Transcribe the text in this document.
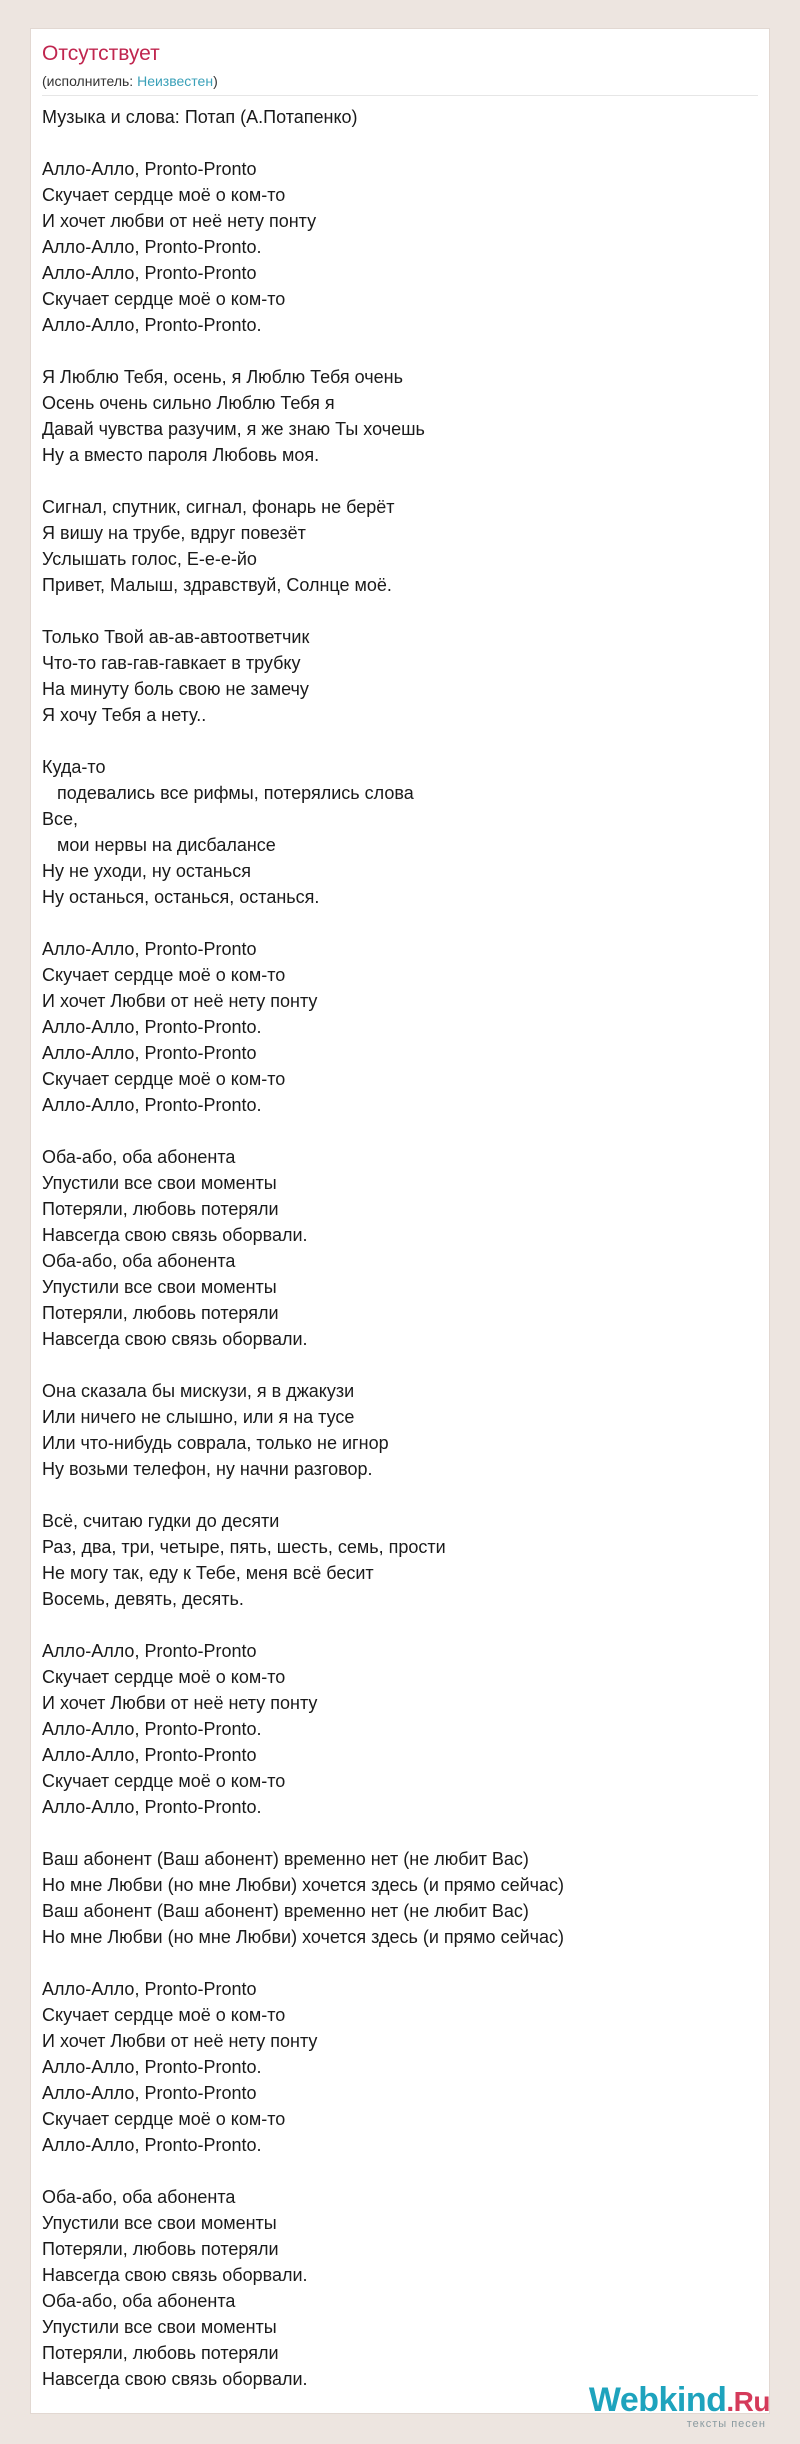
Отсутствует
(исполнитель: Неизвестен)
Музыка и слова: Потап (А.Потапенко)
Алло-Алло, Pronto-Pronto
Скучает сердце моё о ком-то
И хочет любви от неё нету понту
Алло-Алло, Pronto-Pronto.
Алло-Алло, Pronto-Pronto
Скучает сердце моё о ком-то
Алло-Алло, Pronto-Pronto.
Я Люблю Тебя, осень, я Люблю Тебя очень
Осень очень сильно Люблю Тебя я
Давай чувства разучим, я же знаю Ты хочешь
Ну а вместо пароля Любовь моя.
Сигнал, спутник, сигнал, фонарь не берёт
Я вишу на трубе, вдруг повезёт
Услышать голос, Е-е-е-йо
Привет, Малыш, здравствуй, Солнце моё.
Только Твой ав-ав-автоответчик
Что-то гав-гав-гавкает в трубку
На минуту боль свою не замечу
Я хочу Тебя а нету..
Куда-то
подевались все рифмы, потерялись слова
Все,
мои нервы на дисбалансе
Ну не уходи, ну останься
Ну останься, останься, останься.
Алло-Алло, Pronto-Pronto
Скучает сердце моё о ком-то
И хочет Любви от неё нету понту
Алло-Алло, Pronto-Pronto.
Алло-Алло, Pronto-Pronto
Скучает сердце моё о ком-то
Алло-Алло, Pronto-Pronto.
Оба-або, оба абонента
Упустили все свои моменты
Потеряли, любовь потеряли
Навсегда свою связь оборвали.
Оба-або, оба абонента
Упустили все свои моменты
Потеряли, любовь потеряли
Навсегда свою связь оборвали.
Она сказала бы мискузи, я в джакузи
Или ничего не слышно, или я на тусе
Или что-нибудь соврала, только не игнор
Ну возьми телефон, ну начни разговор.
Всё, считаю гудки до десяти
Раз, два, три, четыре, пять, шесть, семь, прости
Не могу так, еду к Тебе, меня всё бесит
Восемь, девять, десять.
Алло-Алло, Pronto-Pronto
Скучает сердце моё о ком-то
И хочет Любви от неё нету понту
Алло-Алло, Pronto-Pronto.
Алло-Алло, Pronto-Pronto
Скучает сердце моё о ком-то
Алло-Алло, Pronto-Pronto.
Ваш абонент (Ваш абонент) временно нет (не любит Вас)
Но мне Любви (но мне Любви) хочется здесь (и прямо сейчас)
Ваш абонент (Ваш абонент) временно нет (не любит Вас)
Но мне Любви (но мне Любви) хочется здесь (и прямо сейчас)
Алло-Алло, Pronto-Pronto
Скучает сердце моё о ком-то
И хочет Любви от неё нету понту
Алло-Алло, Pronto-Pronto.
Алло-Алло, Pronto-Pronto
Скучает сердце моё о ком-то
Алло-Алло, Pronto-Pronto.
Оба-або, оба абонента
Упустили все свои моменты
Потеряли, любовь потеряли
Навсегда свою связь оборвали.
Оба-або, оба абонента
Упустили все свои моменты
Потеряли, любовь потеряли
Навсегда свою связь оборвали.
Webkind.Ru
тексты песен
